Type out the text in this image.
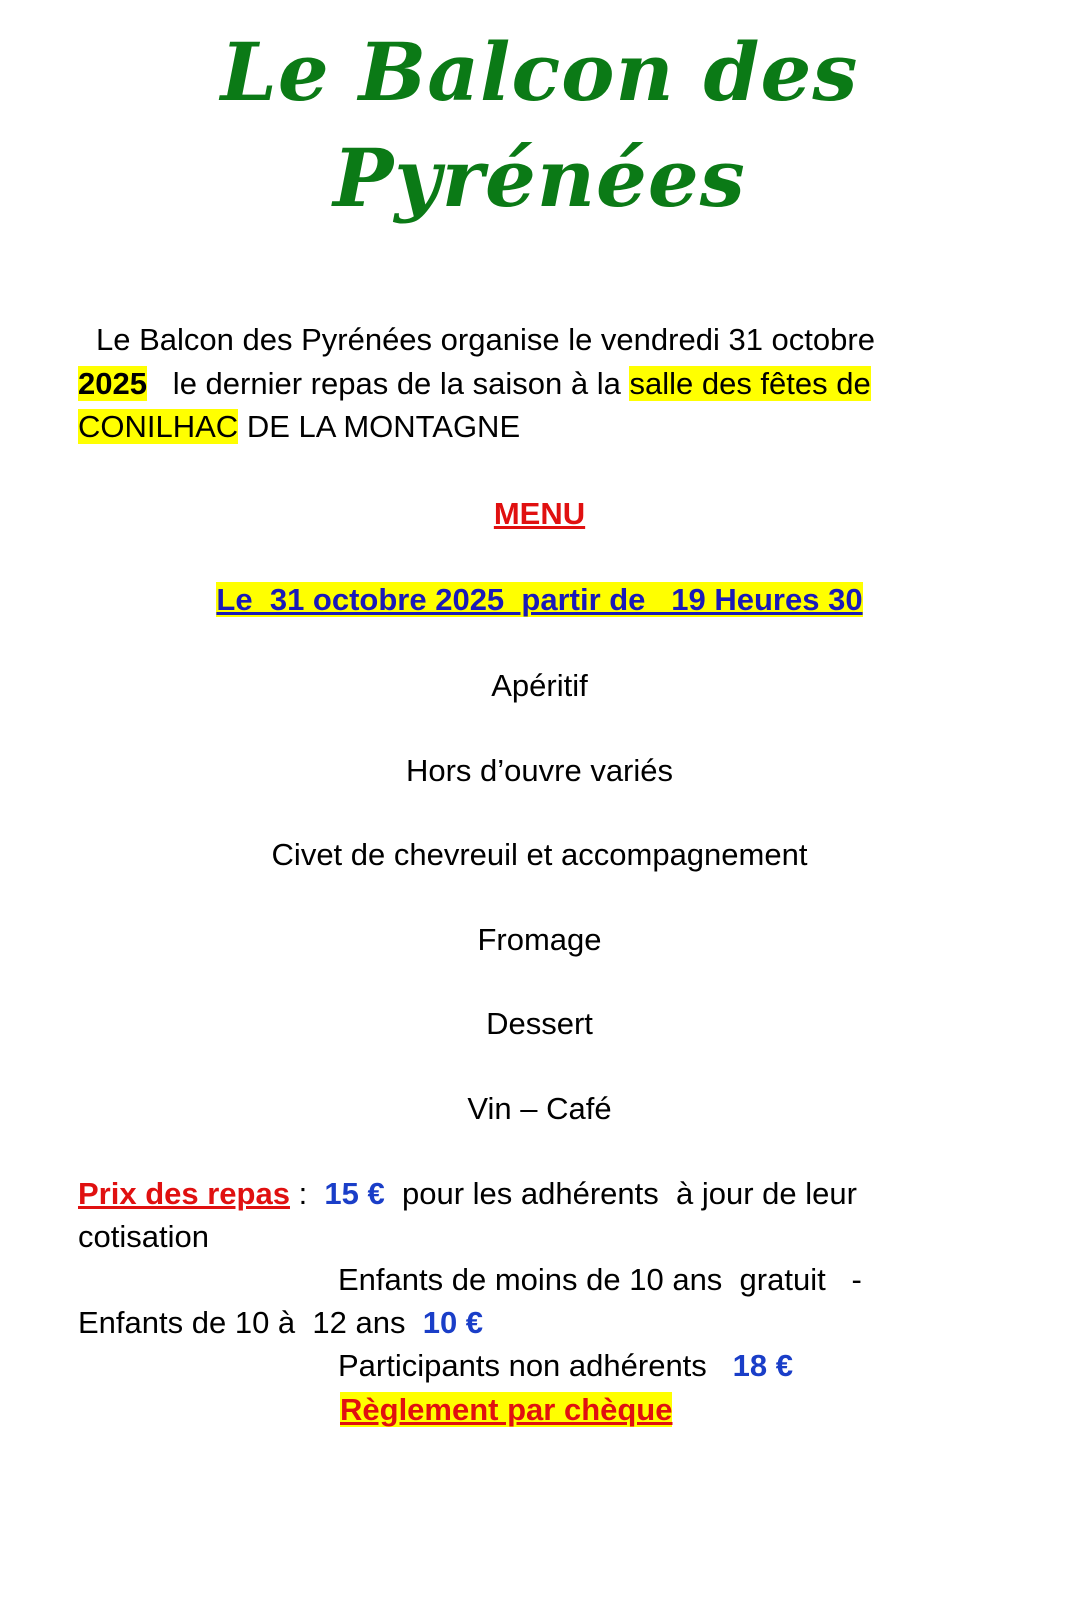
Le Balcon des
Pyrénées
Le Balcon des Pyrénées organise le vendredi 31 octobre
2025   le dernier repas de la saison à la salle des fêtes de
CONILHAC DE LA MONTAGNE
MENU
Le  31 octobre 2025  partir de   19 Heures 30
Apéritif
Hors d’ouvre variés
Civet de chevreuil et accompagnement
Fromage
Dessert
Vin – Café
Prix des repas :  15 €  pour les adhérents  à jour de leur
cotisation
Enfants de moins de 10 ans  gratuit   -
Enfants de 10 à  12 ans  10 €
Participants non adhérents   18 €
Règlement par chèque
